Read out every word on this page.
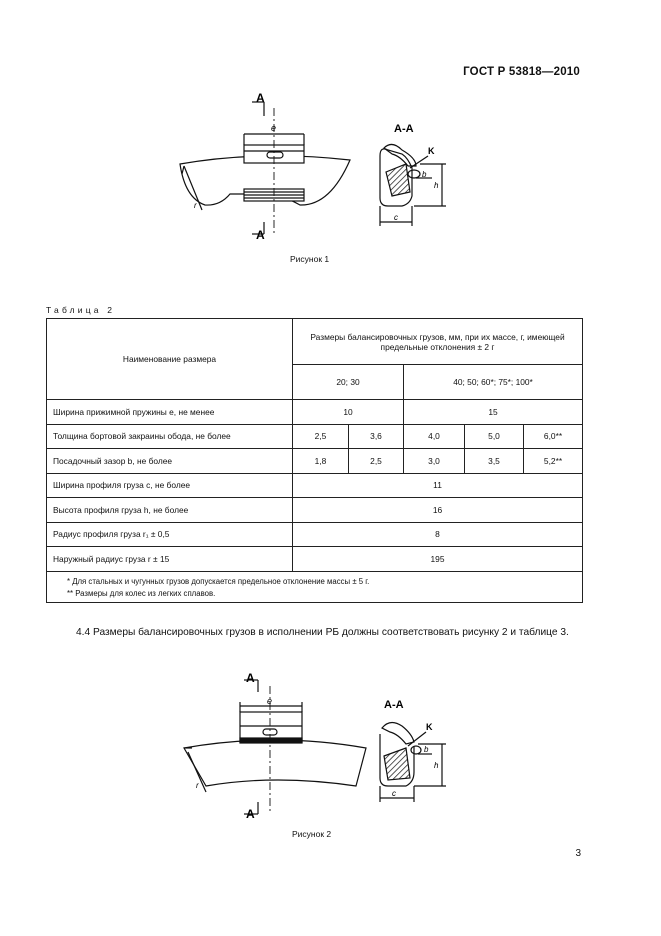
ГОСТ Р 53818—2010
А
А
е	А-А
K
b
h
с
r
Рисунок 1
Таблица 2
Наименование размера	Размеры балансировочных грузов, мм, при их массе, г, имеющей предельные отклонения ± 2 г				
	20; 30		40; 50; 60*; 75*; 100*		
Ширина прижимной пружины е, не менее	10		15		
Толщина бортовой закраины обода, не более	2,5	3,6	4,0	5,0	6,0**
Посадочный зазор b, не более	1,8	2,5	3,0	3,5	5,2**
Ширина профиля груза с, не более	11				
Высота профиля груза h, не более	16				
Радиус профиля груза r₁ ± 0,5	8				
Наружный радиус груза r ± 15	195				

* Для стальных и чугунных грузов допускается предельное отклонение массы ± 5 г.
** Размеры для колес из легких сплавов.					
4.4 Размеры балансировочных грузов в исполнении РБ должны соответствовать рисунку 2 и таблице 3.
А
А
е	А-А
K
b
h
с
r
Рисунок 2
3
